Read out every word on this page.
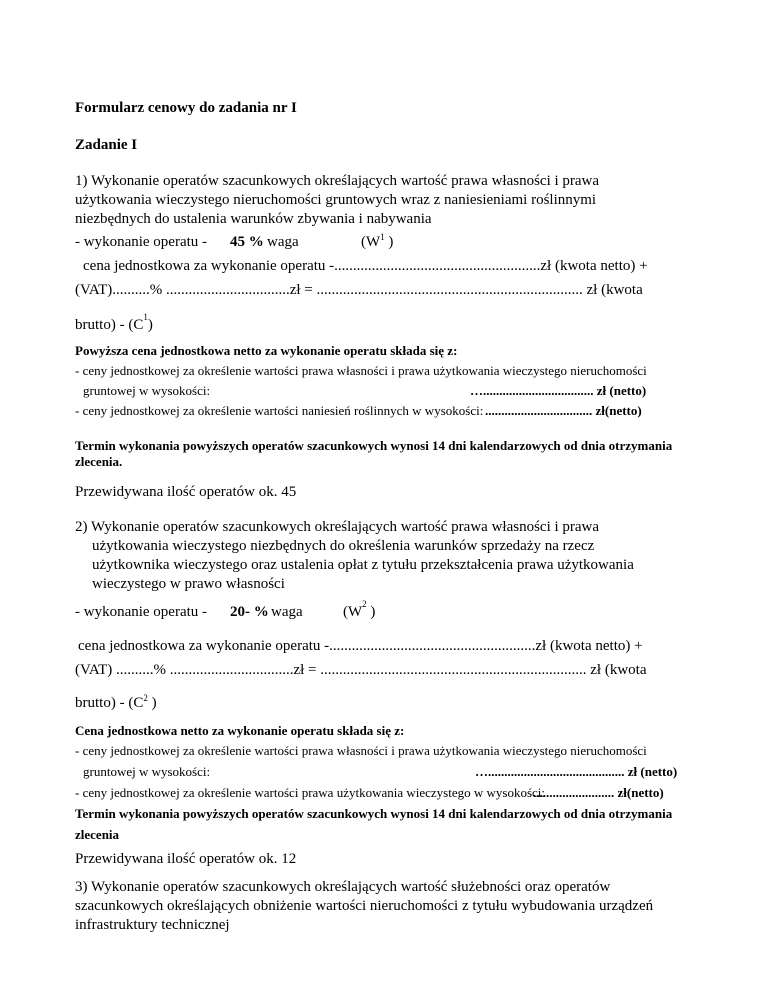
Formularz cenowy do zadania nr I
Zadanie I
1) Wykonanie operatów szacunkowych określających wartość prawa własności i prawa
użytkowania wieczystego nieruchomości gruntowych wraz z naniesieniami roślinnymi
niezbędnych do ustalenia warunków zbywania i nabywania
- wykonanie operatu - 45 % waga	($W^1$ )
cena jednostkowa za wykonanie operatu -.......................................................zł (kwota netto) +
(VAT)..........% .................................zł = ....................................................................... zł (kwota
brutto) - $(C^1)$
Powyższa cena jednostkowa netto za wykonanie operatu składa się z:
- ceny jednostkowej za określenie wartości prawa własności i prawa użytkowania wieczystego nieruchomości
gruntowej w wysokości:	….................................. zł (netto)
- ceny jednostkowej za określenie wartości naniesień roślinnych w wysokości: ................................. zł(netto)
Termin wykonania powyższych operatów szacunkowych wynosi 14 dni kalendarzowych od dnia otrzymania
zlecenia.
Przewidywana ilość operatów ok. 45
2) Wykonanie operatów szacunkowych określających wartość prawa własności i prawa
użytkowania wieczystego niezbędnych do określenia warunków sprzedaży na rzecz
użytkownika wieczystego oraz ustalenia opłat z tytułu przekształcenia prawa użytkowania
wieczystego w prawo własności
- wykonanie operatu - 20- % waga	($W^2$ )
cena jednostkowa za wykonanie operatu -.......................................................zł (kwota netto) +
(VAT) ..........% .................................zł = ....................................................................... zł (kwota
brutto) - ($C^2$ )
Cena jednostkowa netto za wykonanie operatu składa się z:
- ceny jednostkowej za określenie wartości prawa własności i prawa użytkowania wieczystego nieruchomości
gruntowej w wysokości:	….......................................... zł (netto)
- ceny jednostkowej za określenie wartości prawa użytkowania wieczystego w wysokości:
......................... zł(netto)
Termin wykonania powyższych operatów szacunkowych wynosi 14 dni kalendarzowych od dnia otrzymania
zlecenia
Przewidywana ilość operatów ok. 12
3) Wykonanie operatów szacunkowych określających wartość służebności oraz operatów
szacunkowych określających obniżenie wartości nieruchomości z tytułu wybudowania urządzeń
infrastruktury technicznej
